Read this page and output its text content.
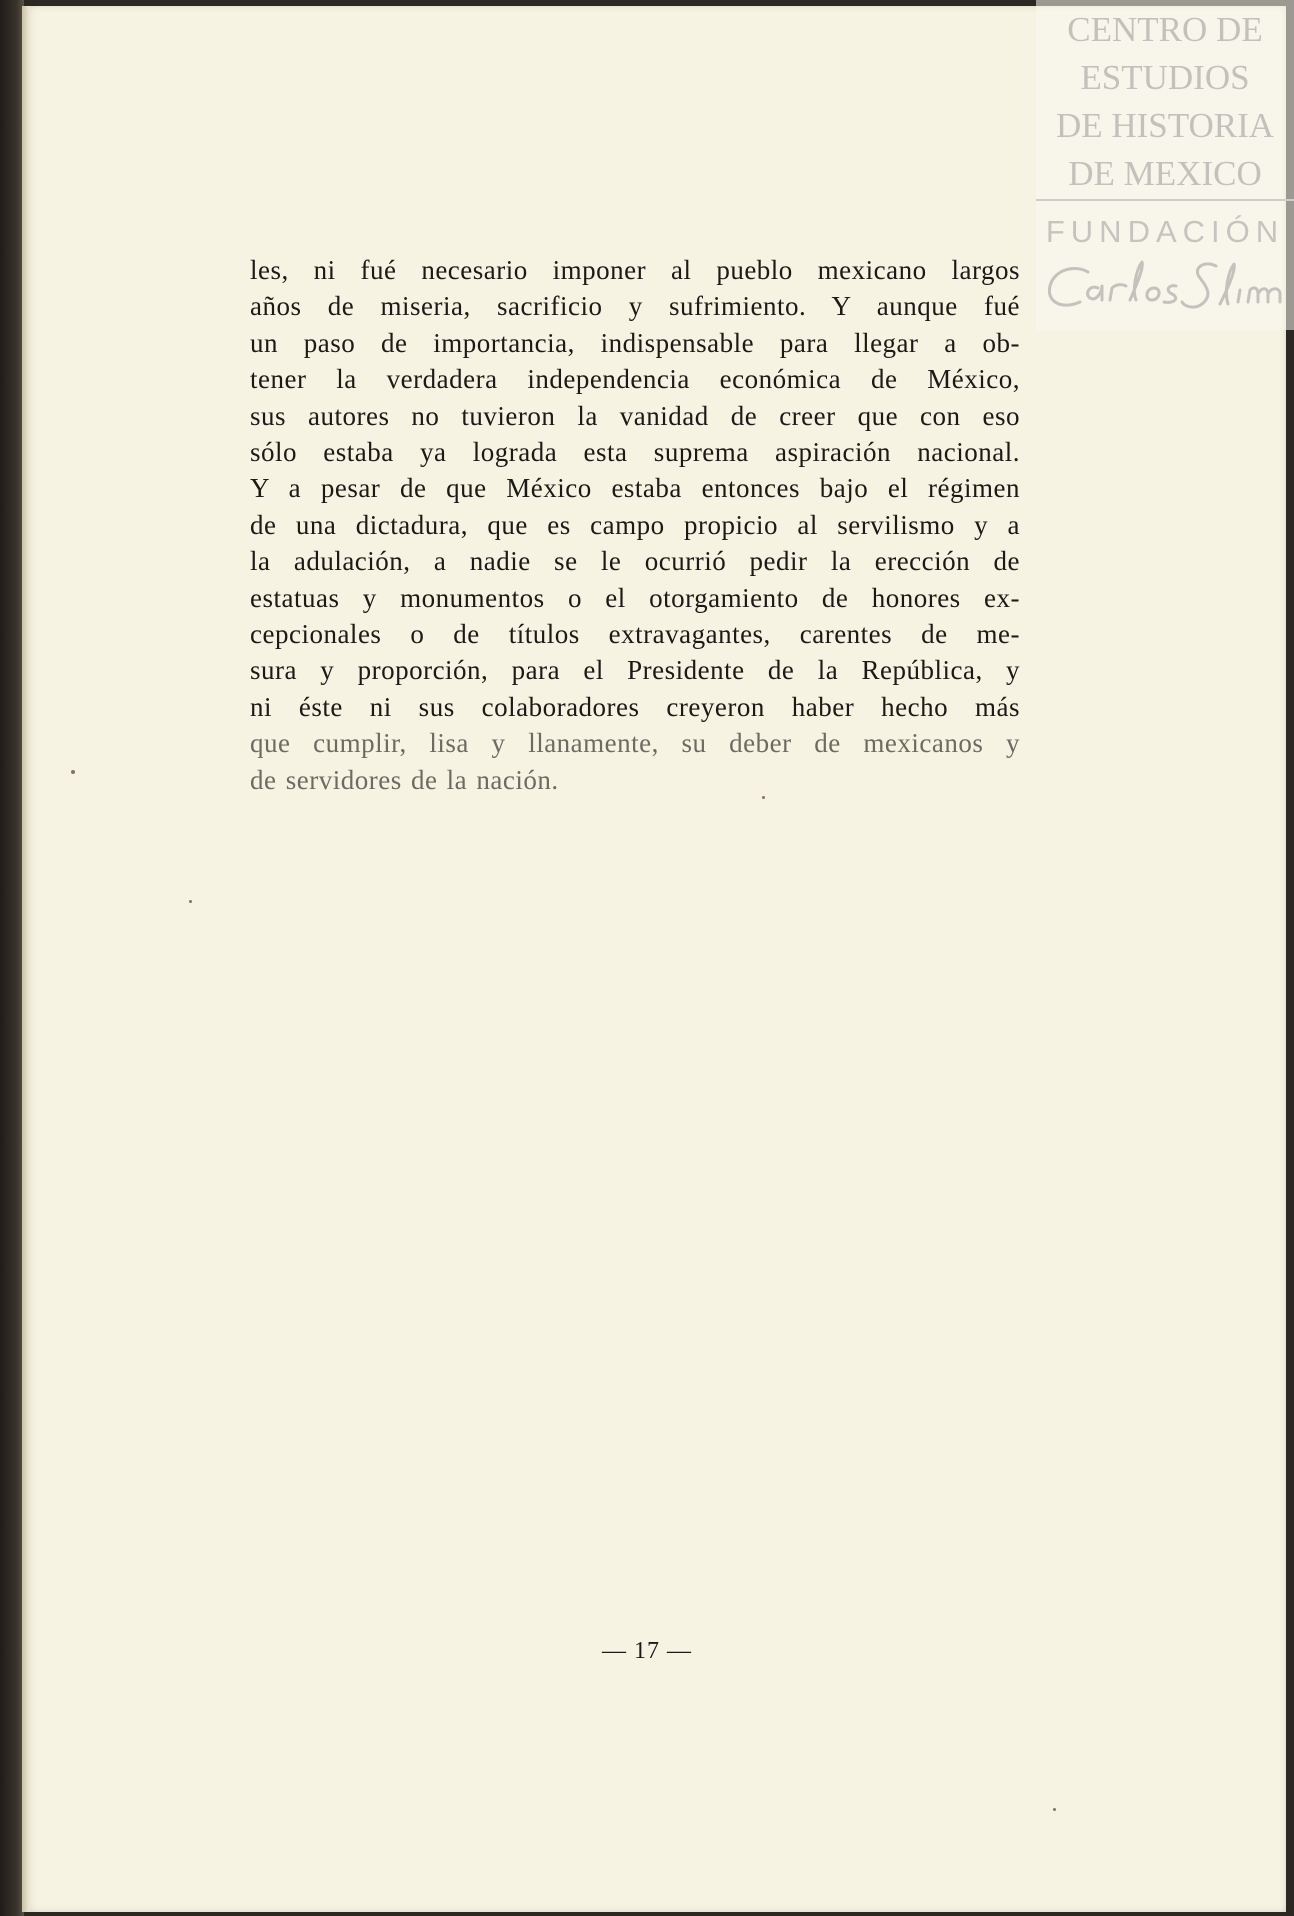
les, ni fué necesario imponer al pueblo mexicano largos
años de miseria, sacrificio y sufrimiento. Y aunque fué
un paso de importancia, indispensable para llegar a ob-
tener la verdadera independencia económica de México,
sus autores no tuvieron la vanidad de creer que con eso
sólo estaba ya lograda esta suprema aspiración nacional.
Y a pesar de que México estaba entonces bajo el régimen
de una dictadura, que es campo propicio al servilismo y a
la adulación, a nadie se le ocurrió pedir la erección de
estatuas y monumentos o el otorgamiento de honores ex-
cepcionales o de títulos extravagantes, carentes de me-
sura y proporción, para el Presidente de la República, y
ni éste ni sus colaboradores creyeron haber hecho más
que cumplir, lisa y llanamente, su deber de mexicanos y
de servidores de la nación.
— 17 —
CENTRO DE
ESTUDIOS
DE HISTORIA
DE MEXICO
FUNDACIÓN
